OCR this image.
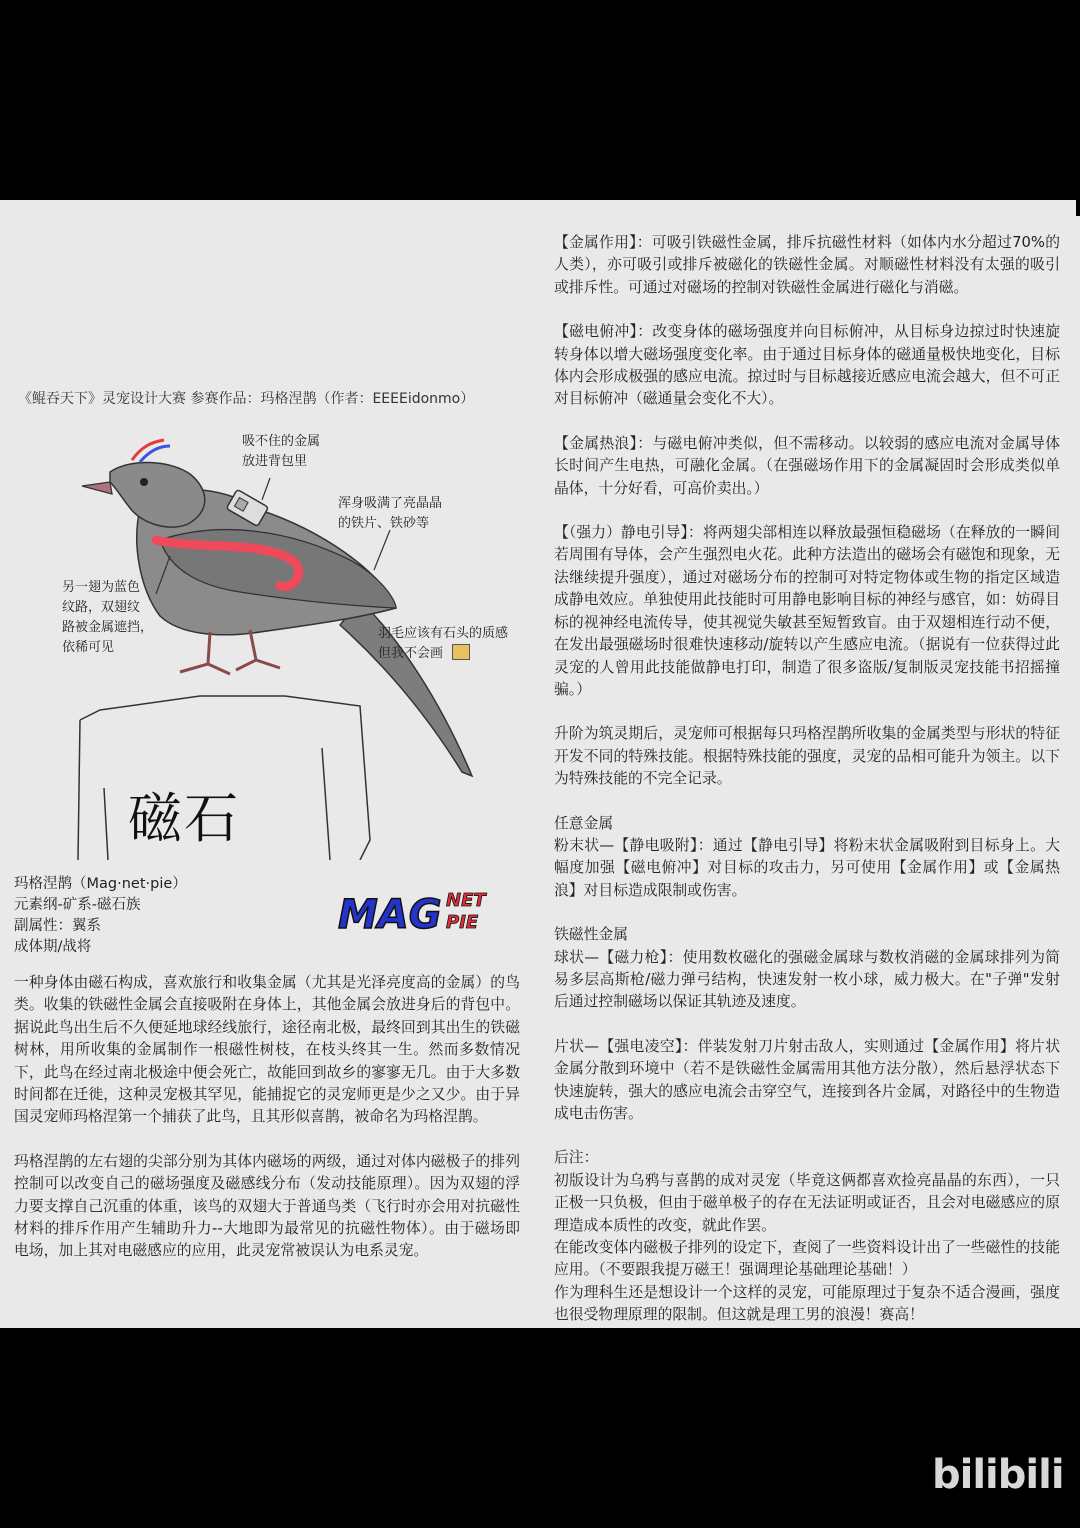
《鲲吞天下》灵宠设计大赛 参赛作品：玛格涅鹊（作者：EEEEidonmo）
吸不住的金属
放进背包里
浑身吸满了亮晶晶
的铁片、铁砂等
另一翅为蓝色
纹路，双翅纹
路被金属遮挡，
依稀可见
羽毛应该有石头的质感
但我不会画
磁石
玛格涅鹊（Mag·net·pie）
元素纲-矿系-磁石族
副属性：翼系
成体期/战将
MAG NET
PIE

一种身体由磁石构成，喜欢旅行和收集金属（尤其是光泽亮度高的金属）的鸟类。收集的铁磁性金属会直接吸附在身体上，其他金属会放进身后的背包中。据说此鸟出生后不久便延地球经线旅行，途径南北极，最终回到其出生的铁磁树林，用所收集的金属制作一根磁性树枝，在枝头终其一生。然而多数情况下，此鸟在经过南北极途中便会死亡，故能回到故乡的寥寥无几。由于大多数时间都在迁徙，这种灵宠极其罕见，能捕捉它的灵宠师更是少之又少。由于异国灵宠师玛格涅第一个捕获了此鸟，且其形似喜鹊，被命名为玛格涅鹊。

玛格涅鹊的左右翅的尖部分别为其体内磁场的两级，通过对体内磁极子的排列控制可以改变自己的磁场强度及磁感线分布（发动技能原理）。因为双翅的浮力要支撑自己沉重的体重，该鸟的双翅大于普通鸟类（飞行时亦会用对抗磁性材料的排斥作用产生辅助升力--大地即为最常见的抗磁性物体）。由于磁场即电场，加上其对电磁感应的应用，此灵宠常被误认为电系灵宠。

【金属作用】：可吸引铁磁性金属，排斥抗磁性材料（如体内水分超过70%的人类），亦可吸引或排斥被磁化的铁磁性金属。对顺磁性材料没有太强的吸引或排斥性。可通过对磁场的控制对铁磁性金属进行磁化与消磁。

【磁电俯冲】：改变身体的磁场强度并向目标俯冲，从目标身边掠过时快速旋转身体以增大磁场强度变化率。由于通过目标身体的磁通量极快地变化，目标体内会形成极强的感应电流。掠过时与目标越接近感应电流会越大，但不可正对目标俯冲（磁通量会变化不大）。

【金属热浪】：与磁电俯冲类似，但不需移动。以较弱的感应电流对金属导体长时间产生电热，可融化金属。（在强磁场作用下的金属凝固时会形成类似单晶体，十分好看，可高价卖出。）

【（强力）静电引导】：将两翅尖部相连以释放最强恒稳磁场（在释放的一瞬间若周围有导体，会产生强烈电火花。此种方法造出的磁场会有磁饱和现象，无法继续提升强度），通过对磁场分布的控制可对特定物体或生物的指定区域造成静电效应。单独使用此技能时可用静电影响目标的神经与感官，如：妨碍目标的视神经电流传导，使其视觉失敏甚至短暂致盲。由于双翅相连行动不便，在发出最强磁场时很难快速移动/旋转以产生感应电流。（据说有一位获得过此灵宠的人曾用此技能做静电打印，制造了很多盗版/复制版灵宠技能书招摇撞骗。）

升阶为筑灵期后，灵宠师可根据每只玛格涅鹊所收集的金属类型与形状的特征开发不同的特殊技能。根据特殊技能的强度，灵宠的品相可能升为领主。以下为特殊技能的不完全记录。

任意金属
粉末状—【静电吸附】：通过【静电引导】将粉末状金属吸附到目标身上。大幅度加强【磁电俯冲】对目标的攻击力，另可使用【金属作用】或【金属热浪】对目标造成限制或伤害。

铁磁性金属
球状—【磁力枪】：使用数枚磁化的强磁金属球与数枚消磁的金属球排列为简易多层高斯枪/磁力弹弓结构，快速发射一枚小球，威力极大。在"子弹"发射后通过控制磁场以保证其轨迹及速度。

片状—【强电凌空】：伴装发射刀片射击敌人，实则通过【金属作用】将片状金属分散到环境中（若不是铁磁性金属需用其他方法分散），然后悬浮状态下快速旋转，强大的感应电流会击穿空气，连接到各片金属，对路径中的生物造成电击伤害。

后注：
初版设计为乌鸦与喜鹊的成对灵宠（毕竟这俩都喜欢捡亮晶晶的东西），一只正极一只负极，但由于磁单极子的存在无法证明或证否，且会对电磁感应的原理造成本质性的改变，就此作罢。
在能改变体内磁极子排列的设定下，查阅了一些资料设计出了一些磁性的技能应用。（不要跟我提万磁王！强调理论基础理论基础！）
作为理科生还是想设计一个这样的灵宠，可能原理过于复杂不适合漫画，强度也很受物理原理的限制。但这就是理工男的浪漫！赛高！

bilibili
